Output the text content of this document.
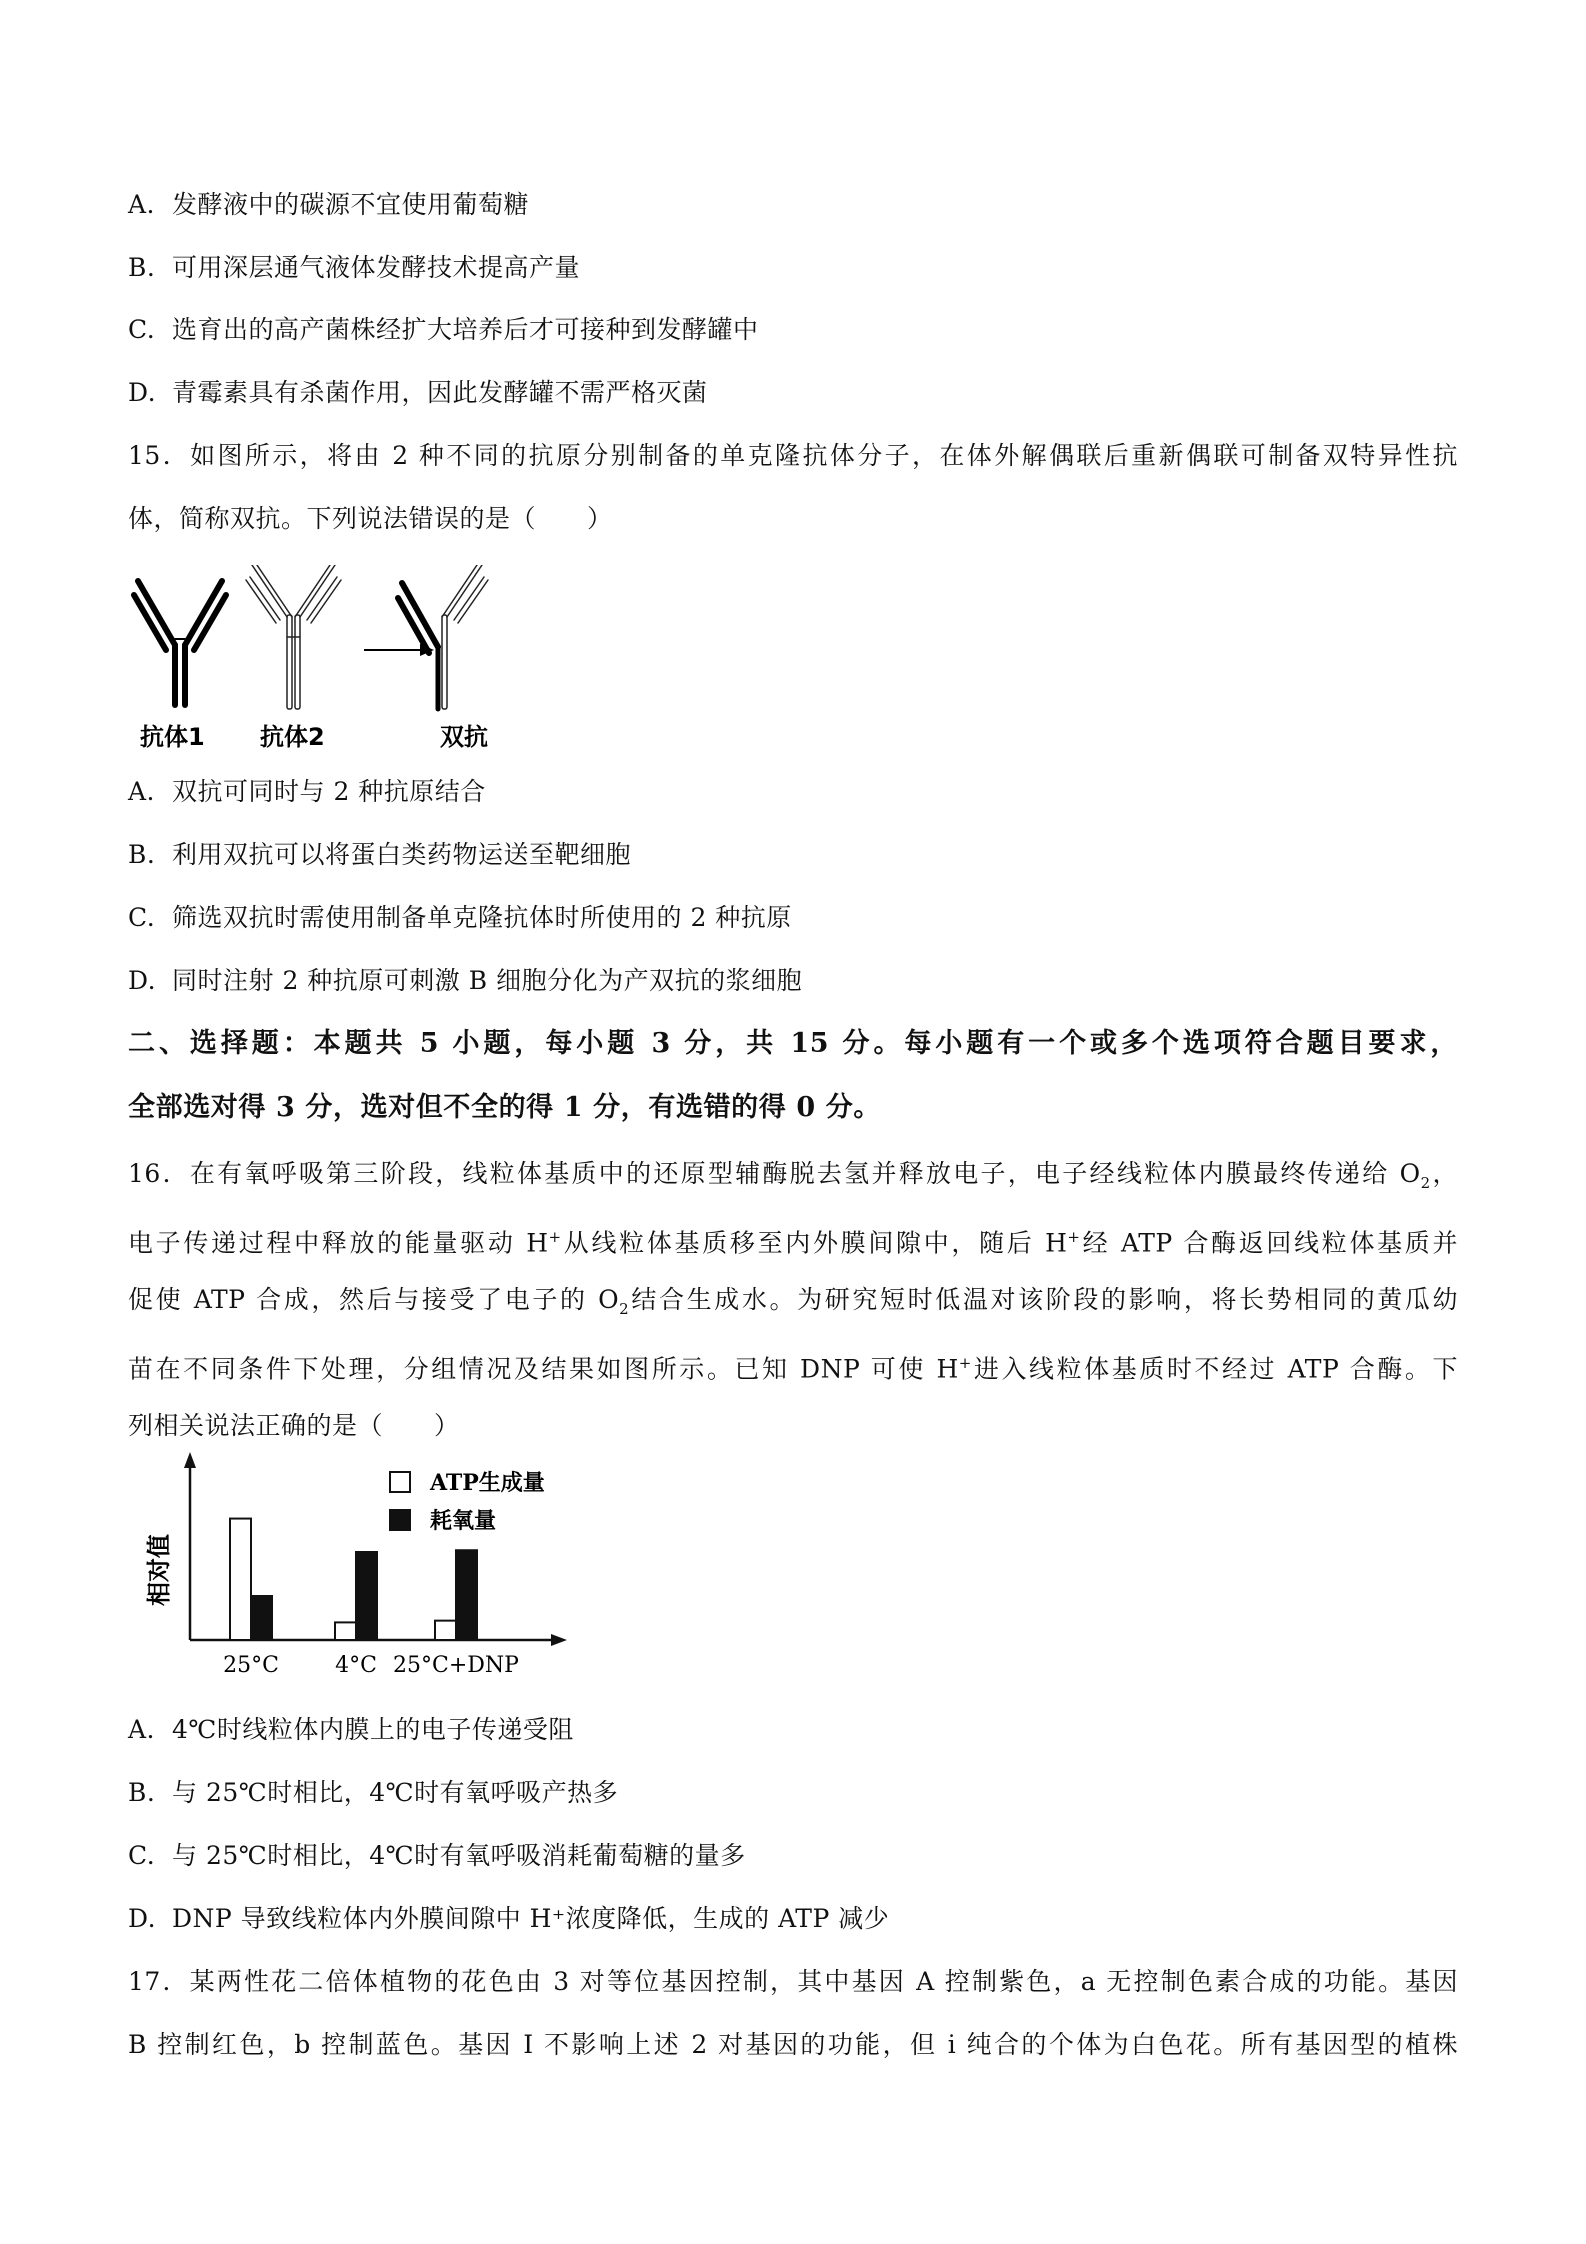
A. 发酵液中的碳源不宜使用葡萄糖
B. 可用深层通气液体发酵技术提高产量
C. 选育出的高产菌株经扩大培养后才可接种到发酵罐中
D. 青霉素具有杀菌作用，因此发酵罐不需严格灭菌
15．如图所示，将由 2 种不同的抗原分别制备的单克隆抗体分子，在体外解偶联后重新偶联可制备双特异性抗
体，简称双抗。下列说法错误的是（　　）
抗体1 抗体2	双抗
A. 双抗可同时与 2 种抗原结合
B. 利用双抗可以将蛋白类药物运送至靶细胞
C. 筛选双抗时需使用制备单克隆抗体时所使用的 2 种抗原
D. 同时注射 2 种抗原可刺激 B 细胞分化为产双抗的浆细胞
二、选择题：本题共 5 小题，每小题 3 分，共 15 分。每小题有一个或多个选项符合题目要求，
全部选对得 3 分，选对但不全的得 1 分，有选错的得 0 分。
16．在有氧呼吸第三阶段，线粒体基质中的还原型辅酶脱去氢并释放电子，电子经线粒体内膜最终传递给 $O_2$，
电子传递过程中释放的能量驱动 H+从线粒体基质移至内外膜间隙中，随后 H+经 ATP 合酶返回线粒体基质并
促使 ATP 合成，然后与接受了电子的 $O_2$结合生成水。为研究短时低温对该阶段的影响，将长势相同的黄瓜幼
苗在不同条件下处理，分组情况及结果如图所示。已知 DNP 可使 H+进入线粒体基质时不经过 ATP 合酶。下
列相关说法正确的是（　　）
相对值
25°C	4°C 25°C+DNP
ATP生成量
耗氧量
A. 4℃时线粒体内膜上的电子传递受阻
B. 与 25℃时相比，4℃时有氧呼吸产热多
C. 与 25℃时相比，4℃时有氧呼吸消耗葡萄糖的量多
D. DNP 导致线粒体内外膜间隙中 H⁺浓度降低，生成的 ATP 减少
17．某两性花二倍体植物的花色由 3 对等位基因控制，其中基因 A 控制紫色，a 无控制色素合成的功能。基因
B 控制红色，b 控制蓝色。基因 I 不影响上述 2 对基因的功能，但 i 纯合的个体为白色花。所有基因型的植株
